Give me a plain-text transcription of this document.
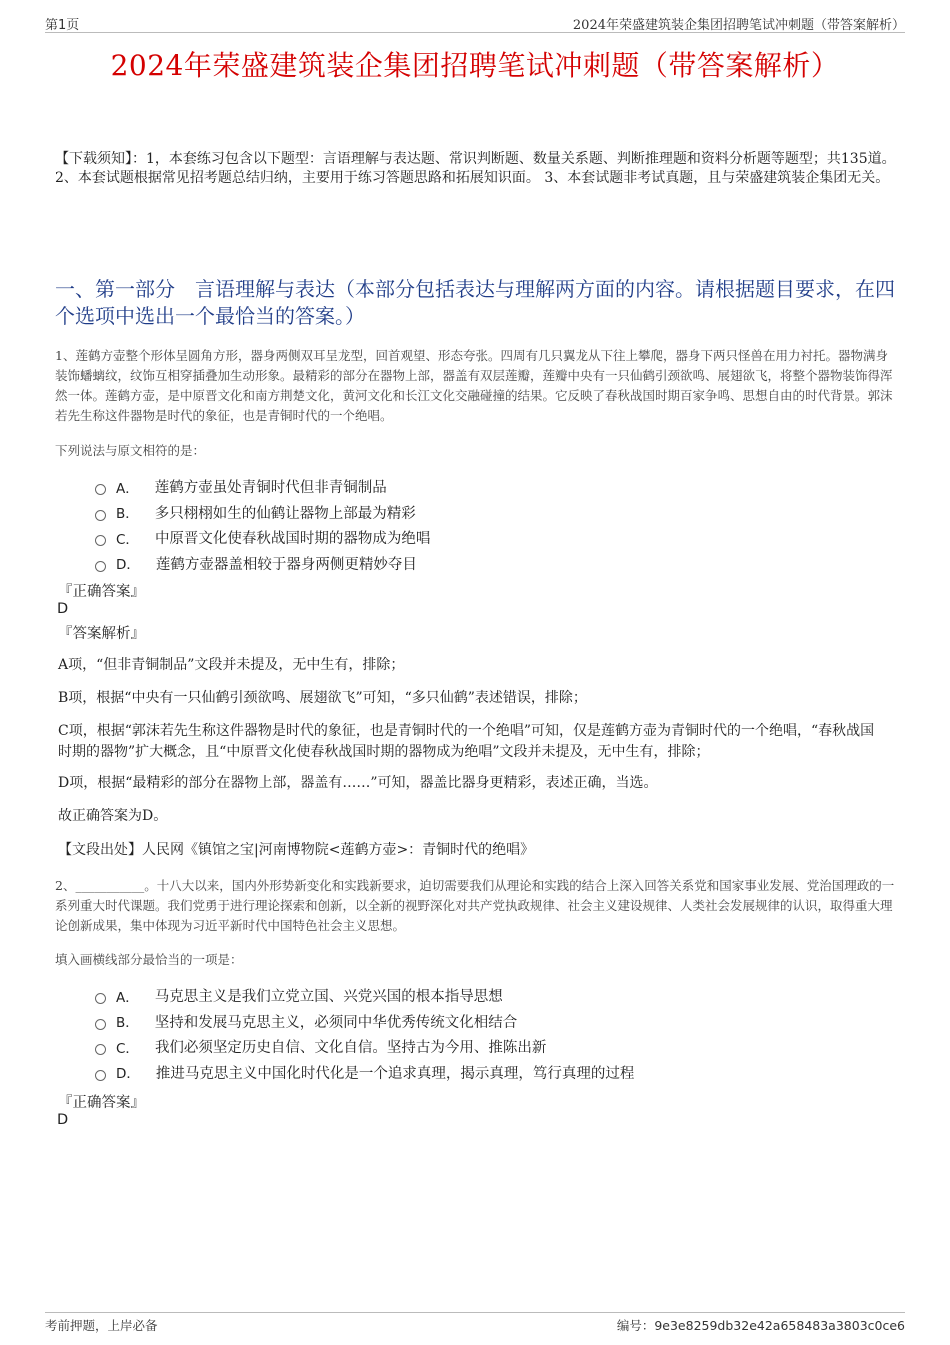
第1页	2024年荣盛建筑装企集团招聘笔试冲刺题（带答案解析）
2024年荣盛建筑装企集团招聘笔试冲刺题（带答案解析）
【下载须知】：1，本套练习包含以下题型：言语理解与表达题、常识判断题、数量关系题、判断推理题和资料分析题等题型；共135道。 2、本套试题根据常见招考题总结归纳，主要用于练习答题思路和拓展知识面。 3、本套试题非考试真题，且与荣盛建筑装企集团无关。
一、第一部分　言语理解与表达（本部分包括表达与理解两方面的内容。请根据题目要求，在四个选项中选出一个最恰当的答案。）
1、莲鹤方壶整个形体呈圆角方形，器身两侧双耳呈龙型，回首观望、形态夸张。四周有几只翼龙从下往上攀爬，器身下两只怪兽在用力衬托。器物满身装饰蟠螭纹，纹饰互相穿插叠加生动形象。最精彩的部分在器物上部，器盖有双层莲瓣，莲瓣中央有一只仙鹤引颈欲鸣、展翅欲飞，将整个器物装饰得浑然一体。莲鹤方壶，是中原晋文化和南方荆楚文化，黄河文化和长江文化交融碰撞的结果。它反映了春秋战国时期百家争鸣、思想自由的时代背景。郭沫若先生称这件器物是时代的象征，也是青铜时代的一个绝唱。
下列说法与原文相符的是：
A． 莲鹤方壶虽处青铜时代但非青铜制品
B． 多只栩栩如生的仙鹤让器物上部最为精彩
C． 中原晋文化使春秋战国时期的器物成为绝唱
D． 莲鹤方壶器盖相较于器身两侧更精妙夺目
『正确答案』
D
『答案解析』
A项，“但非青铜制品”文段并未提及，无中生有，排除；
B项，根据“中央有一只仙鹤引颈欲鸣、展翅欲飞”可知，“多只仙鹤”表述错误，排除；
C项，根据“郭沫若先生称这件器物是时代的象征，也是青铜时代的一个绝唱”可知，仅是莲鹤方壶为青铜时代的一个绝唱，“春秋战国时期的器物”扩大概念，且“中原晋文化使春秋战国时期的器物成为绝唱”文段并未提及，无中生有，排除；
D项，根据“最精彩的部分在器物上部，器盖有……”可知，器盖比器身更精彩，表述正确，当选。
故正确答案为D。
【文段出处】人民网《镇馆之宝|河南博物院<莲鹤方壶>：青铜时代的绝唱》
2、___________。十八大以来，国内外形势新变化和实践新要求，迫切需要我们从理论和实践的结合上深入回答关系党和国家事业发展、党治国理政的一系列重大时代课题。我们党勇于进行理论探索和创新，以全新的视野深化对共产党执政规律、社会主义建设规律、人类社会发展规律的认识，取得重大理论创新成果，集中体现为习近平新时代中国特色社会主义思想。
填入画横线部分最恰当的一项是：
A． 马克思主义是我们立党立国、兴党兴国的根本指导思想
B． 坚持和发展马克思主义，必须同中华优秀传统文化相结合
C． 我们必须坚定历史自信、文化自信。坚持古为今用、推陈出新
D． 推进马克思主义中国化时代化是一个追求真理，揭示真理，笃行真理的过程
『正确答案』
D
考前押题，上岸必备	编号：9e3e8259db32e42a658483a3803c0ce6
